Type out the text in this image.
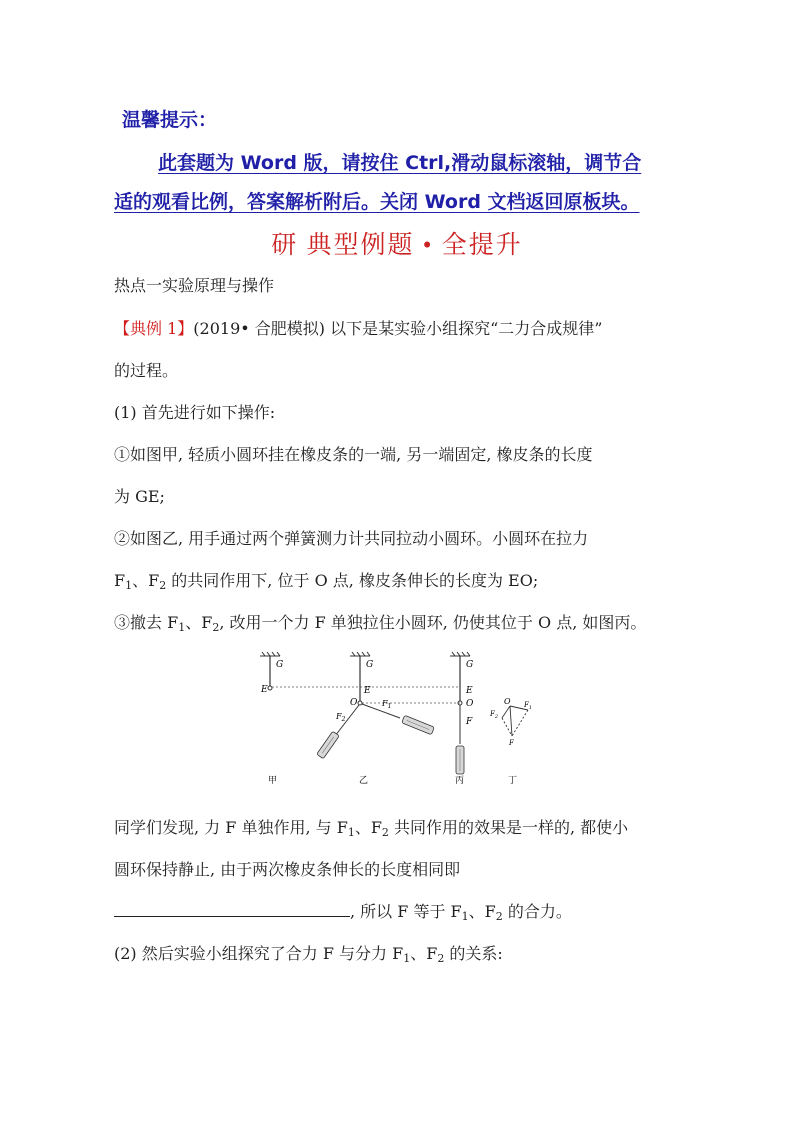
温馨提示：
此套题为 Word 版，请按住 Ctrl,滑动鼠标滚轴，调节合
适的观看比例，答案解析附后。关闭 Word 文档返回原板块。
研 典型例题 • 全提升
热点一实验原理与操作
【典例 1】(2019• 合肥模拟) 以下是某实验小组探究“二力合成规律”
的过程。
(1) 首先进行如下操作:
①如图甲, 轻质小圆环挂在橡皮条的一端, 另一端固定, 橡皮条的长度
为 GE;
②如图乙, 用手通过两个弹簧测力计共同拉动小圆环。小圆环在拉力
$F_1$、$F_2$ 的共同作用下, 位于 O 点, 橡皮条伸长的长度为 EO;
③撤去 $F_1$、$F_2$, 改用一个力 F 单独拉住小圆环, 仍使其位于 O 点, 如图丙。
G
E
G
E
O
$F_2$
$F_1$
G
E
O
F
O $F_1$
$F_2$
F
甲	乙	丙	丁
同学们发现, 力 F 单独作用, 与 $F_1$、$F_2$ 共同作用的效果是一样的, 都使小
圆环保持静止, 由于两次橡皮条伸长的长度相同即
, 所以 F 等于 $F_1$、$F_2$ 的合力。
(2) 然后实验小组探究了合力 F 与分力 $F_1$、$F_2$ 的关系:
